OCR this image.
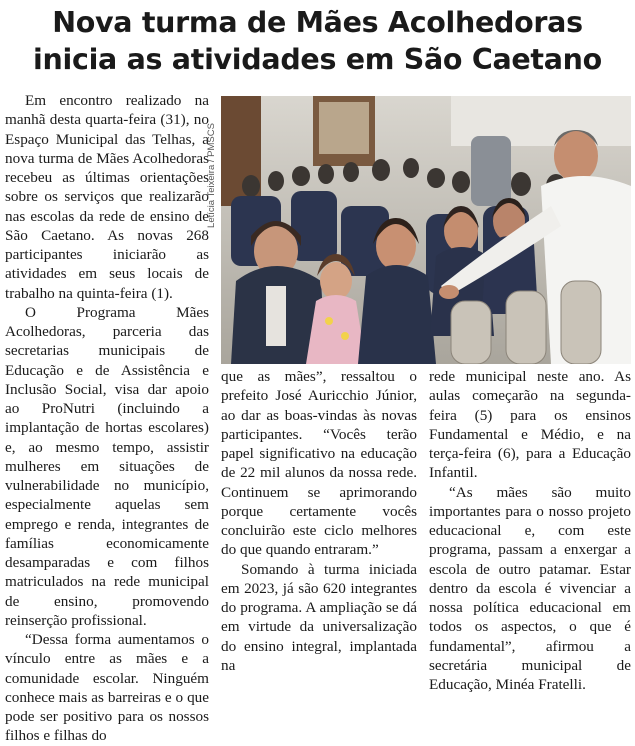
Nova turma de Mães Acolhedoras
inicia as atividades em São Caetano

Em encontro realizado na manhã desta quarta-feira (31), no Espaço Municipal das Telhas, a nova turma de Mães Acolhedoras recebeu as últimas orientações sobre os serviços que realizarão nas escolas da rede de ensino de São Caetano. As novas 268 participantes iniciarão as atividades em seus locais de trabalho na quinta-feira (1).

O Programa Mães Acolhedoras, parceria das secretarias municipais de Educação e de Assistência e Inclusão Social, visa dar apoio ao ProNutri (incluindo a implantação de hortas escolares) e, ao mesmo tempo, assistir mulheres em situações de vulnerabilidade no município, especialmente aquelas sem emprego e renda, integrantes de famílias economicamente desamparadas e com filhos matriculados na rede municipal de ensino, promovendo reinserção profissional.

“Dessa forma aumentamos o vínculo entre as mães e a comunidade escolar. Ninguém conhece mais as barreiras e o que pode ser positivo para os nossos filhos e filhas do

Letícia Teixeira / PMSCS

que as mães”, ressaltou o prefeito José Auricchio Júnior, ao dar as boas-vindas às novas participantes. “Vocês terão papel significativo na educação de 22 mil alunos da nossa rede. Continuem se aprimorando porque certamente vocês concluirão este ciclo melhores do que quando entraram.”

Somando à turma iniciada em 2023, já são 620 integrantes do programa. A ampliação se dá em virtude da universalização do ensino integral, implantada na

rede municipal neste ano. As aulas começarão na segunda-feira (5) para os ensinos Fundamental e Médio, e na terça-feira (6), para a Educação Infantil.

“As mães são muito importantes para o nosso projeto educacional e, com este programa, passam a enxergar a escola de outro patamar. Estar dentro da escola é vivenciar a nossa política educacional em todos os aspectos, o que é fundamental”, afirmou a secretária municipal de Educação, Minéa Fratelli.
